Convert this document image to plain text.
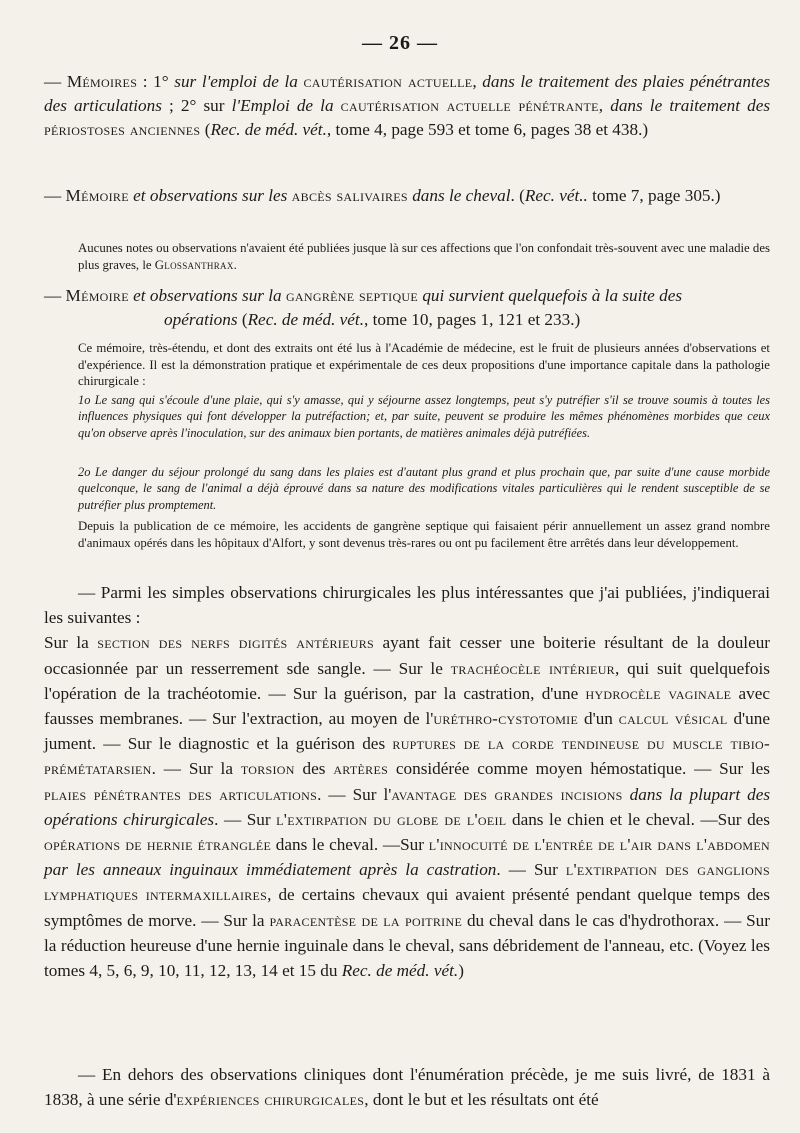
— 26 —
— Mémoires : 1° sur l'emploi de la cautérisation actuelle, dans le traitement des plaies pénétrantes des articulations ; 2° sur l'Emploi de la cautérisation actuelle pénétrante, dans le traitement des périostoses anciennes (Rec. de méd. vét., tome 4, page 593 et tome 6, pages 38 et 438.)
— Mémoire et observations sur les abcès salivaires dans le cheval. (Rec. vét.. tome 7, page 305.)
Aucunes notes ou observations n'avaient été publiées jusque là sur ces affections que l'on confondait très-souvent avec une maladie des plus graves, le Glossanthrax.
— Mémoire et observations sur la gangrène septique qui survient quelquefois à la suite des
opérations (Rec. de méd. vét., tome 10, pages 1, 121 et 233.)
Ce mémoire, très-étendu, et dont des extraits ont été lus à l'Académie de médecine, est le fruit de plusieurs années d'observations et d'expérience. Il est la démonstration pratique et expérimentale de ces deux propositions d'une importance capitale dans la pathologie chirurgicale :
1o Le sang qui s'écoule d'une plaie, qui s'y amasse, qui y séjourne assez longtemps, peut s'y putréfier s'il se trouve soumis à toutes les influences physiques qui font développer la putréfaction; et, par suite, peuvent se produire les mêmes phénomènes morbides que ceux qu'on observe après l'inoculation, sur des animaux bien portants, de matières animales déjà putréfiées.
2o Le danger du séjour prolongé du sang dans les plaies est d'autant plus grand et plus prochain que, par suite d'une cause morbide quelconque, le sang de l'animal a déjà éprouvé dans sa nature des modifications vitales particulières qui le rendent susceptible de se putréfier plus promptement.
Depuis la publication de ce mémoire, les accidents de gangrène septique qui faisaient périr annuellement un assez grand nombre d'animaux opérés dans les hôpitaux d'Alfort, y sont devenus très-rares ou ont pu facilement être arrêtés dans leur développement.
— Parmi les simples observations chirurgicales les plus intéressantes que j'ai publiées, j'indiquerai les suivantes :
Sur la section des nerfs digités antérieurs ayant fait cesser une boiterie résultant de la douleur occasionnée par un resserrement sde sangle. — Sur le trachéocèle intérieur, qui suit quelquefois l'opération de la trachéotomie. — Sur la guérison, par la castration, d'une hydrocèle vaginale avec fausses membranes. — Sur l'extraction, au moyen de l'uréthro-cystotomie d'un calcul vésical d'une jument. — Sur le diagnostic et la guérison des ruptures de la corde tendineuse du muscle tibio-prémétatarsien. — Sur la torsion des artères considérée comme moyen hémostatique. — Sur les plaies pénétrantes des articulations. — Sur l'avantage des grandes incisions dans la plupart des opérations chirurgicales. — Sur l'extirpation du globe de l'oeil dans le chien et le cheval. —Sur des opérations de hernie étranglée dans le cheval. —Sur l'innocuité de l'entrée de l'air dans l'abdomen par les anneaux inguinaux immédiatement après la castration. — Sur l'extirpation des ganglions lymphatiques intermaxillaires, de certains chevaux qui avaient présenté pendant quelque temps des symptômes de morve. — Sur la paracentèse de la poitrine du cheval dans le cas d'hydrothorax. — Sur la réduction heureuse d'une hernie inguinale dans le cheval, sans débridement de l'anneau, etc. (Voyez les tomes 4, 5, 6, 9, 10, 11, 12, 13, 14 et 15 du Rec. de méd. vét.)
— En dehors des observations cliniques dont l'énumération précède, je me suis livré, de 1831 à 1838, à une série d'expériences chirurgicales, dont le but et les résultats ont été
